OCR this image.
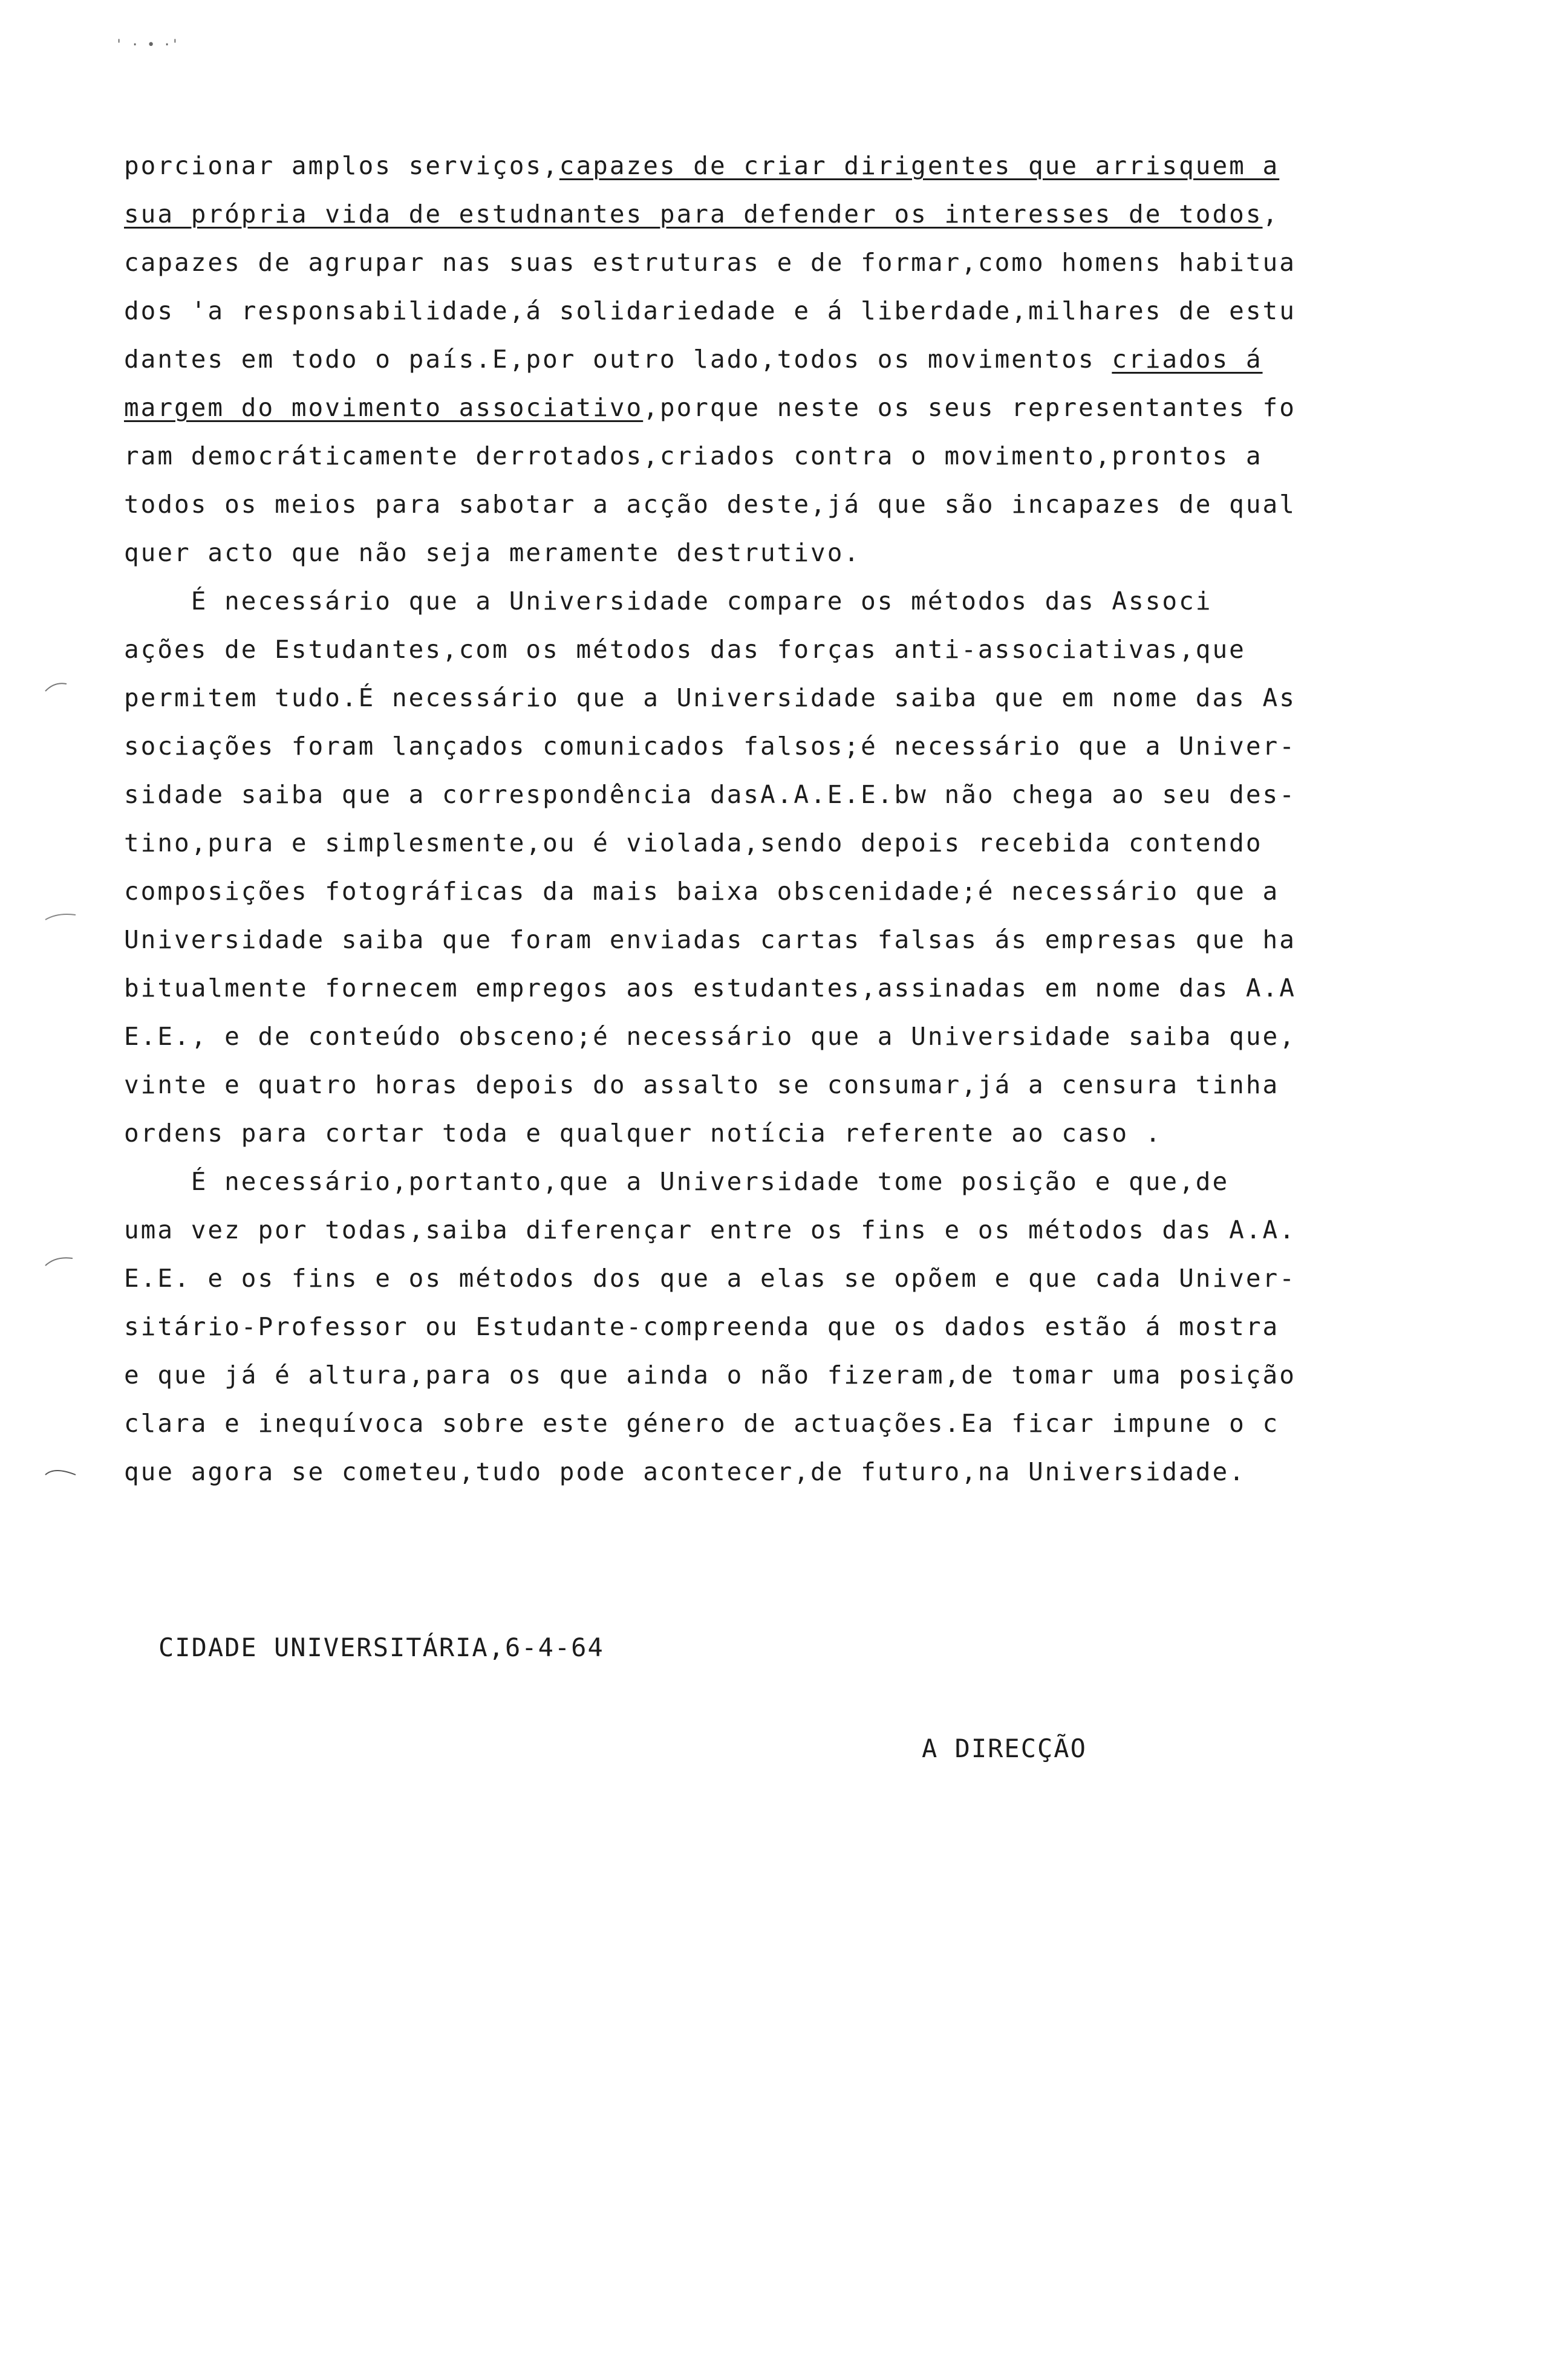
' · • ·'
porcionar amplos serviços,capazes de criar dirigentes que arrisquem a
sua própria vida de estudnantes para defender os interesses de todos,
capazes de agrupar nas suas estruturas e de formar,como homens habitua
dos 'a responsabilidade,á solidariedade e á liberdade,milhares de estu
dantes em todo o país.E,por outro lado,todos os movimentos criados á
margem do movimento associativo,porque neste os seus representantes fo
ram democráticamente derrotados,criados contra o movimento,prontos a
todos os meios para sabotar a acção deste,já que são incapazes de qual
quer acto que não seja meramente destrutivo.
É necessário que a Universidade compare os métodos das Associ
ações de Estudantes,com os métodos das forças anti-associativas,que
permitem tudo.É necessário que a Universidade saiba que em nome das As
sociações foram lançados comunicados falsos;é necessário que a Univer-
sidade saiba que a correspondência dasA.A.E.E.bw não chega ao seu des-
tino,pura e simplesmente,ou é violada,sendo depois recebida contendo
composições fotográficas da mais baixa obscenidade;é necessário que a
Universidade saiba que foram enviadas cartas falsas ás empresas que ha
bitualmente fornecem empregos aos estudantes,assinadas em nome das A.A
E.E., e de conteúdo obsceno;é necessário que a Universidade saiba que,
vinte e quatro horas depois do assalto se consumar,já a censura tinha
ordens para cortar toda e qualquer notícia referente ao caso .
É necessário,portanto,que a Universidade tome posição e que,de
uma vez por todas,saiba diferençar entre os fins e os métodos das A.A.
E.E. e os fins e os métodos dos que a elas se opõem e que cada Univer-
sitário-Professor ou Estudante-compreenda que os dados estão á mostra
e que já é altura,para os que ainda o não fizeram,de tomar uma posição
clara e inequívoca sobre este género de actuações.Ea ficar impune o c
que agora se cometeu,tudo pode acontecer,de futuro,na Universidade.
CIDADE UNIVERSITÁRIA,6-4-64
A DIRECÇÃO
